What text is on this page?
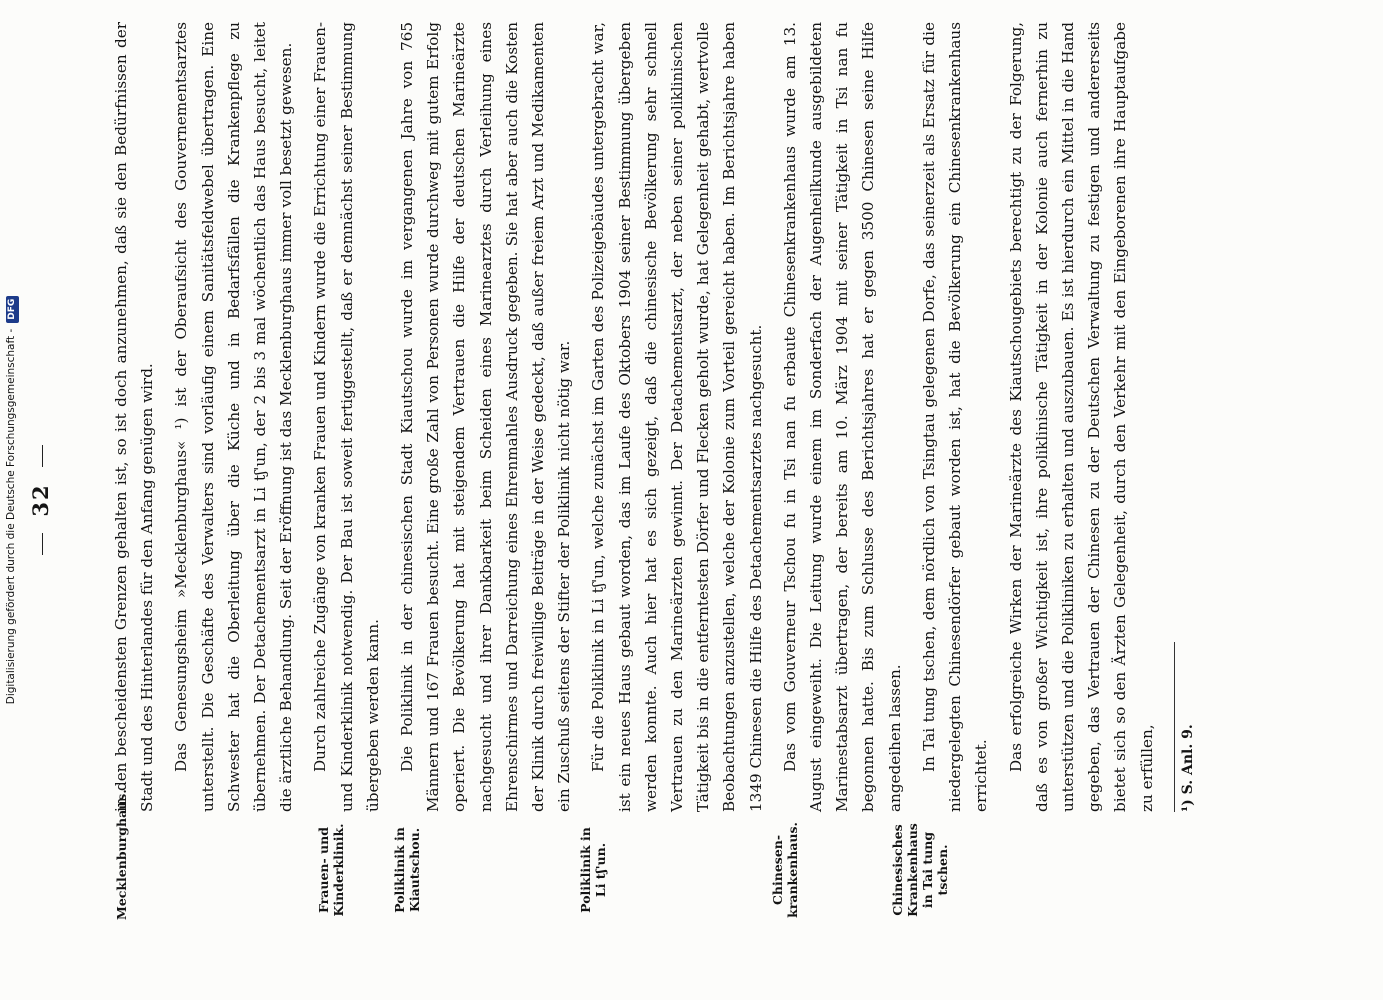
32
Mecklenburghaus.	Frauen- und Kinderklinik.	Poliklinik in Kiautschou.	Poliklinik in Li tʃ'un.	Chinesen-krankenhaus.	Chinesisches Krankenhaus in Tai tung tschen.

in den bescheidensten Grenzen gehalten ist, so ist doch anzunehmen, daß sie den Bedürfnissen der Stadt und des Hinterlandes für den Anfang genügen wird. Das Genesungsheim »Mecklenburghaus« ¹) ist der Oberaufsicht des Gouvernementsarztes unterstellt. Die Geschäfte des Verwalters sind vorläufig einem Sanitätsfeldwebel übertragen. Eine Schwester hat die Oberleitung über die Küche und in Bedarfsfällen die Krankenpflege zu übernehmen. Der Detachementsarzt in Li tʃ'un, der 2 bis 3 mal wöchentlich das Haus besucht, leitet die ärztliche Behandlung. Seit der Eröffnung ist das Mecklenburghaus immer voll besetzt gewesen. Durch zahlreiche Zugänge von kranken Frauen und Kindern wurde die Errichtung einer Frauen- und Kinderklinik notwendig. Der Bau ist soweit fertiggestellt, daß er demnächst seiner Bestimmung übergeben werden kann. Die Poliklinik in der chinesischen Stadt Kiautschou wurde im vergangenen Jahre von 765 Männern und 167 Frauen besucht. Eine große Zahl von Personen wurde durchweg mit gutem Erfolg operiert. Die Bevölkerung hat mit steigendem Vertrauen die Hilfe der deutschen Marineärzte nachgesucht und ihrer Dankbarkeit beim Scheiden eines Marinearztes durch Verleihung eines Ehrenschirmes und Darreichung eines Ehrenmahles Ausdruck gegeben. Sie hat aber auch die Kosten der Klinik durch freiwillige Beiträge in der Weise gedeckt, daß außer freiem Arzt und Medikamenten ein Zuschuß seitens der Stifter der Poliklinik nicht nötig war. Für die Poliklinik in Li tʃ'un, welche zunächst im Garten des Polizeigebäudes untergebracht war, ist ein neues Haus gebaut worden, das im Laufe des Oktobers 1904 seiner Bestimmung übergeben werden konnte. Auch hier hat es sich gezeigt, daß die chinesische Bevölkerung sehr schnell Vertrauen zu den Marineärzten gewinnt. Der Detachementsarzt, der neben seiner poliklinischen Tätigkeit bis in die entferntesten Dörfer und Flecken geholt wurde, hat Gelegenheit gehabt, wertvolle Beobachtungen anzustellen, welche der Kolonie zum Vorteil gereicht haben. Im Berichtsjahre haben 1349 Chinesen die Hilfe des Detachementsarztes nachgesucht. Das vom Gouverneur Tschou fu in Tsi nan fu erbaute Chinesenkrankenhaus wurde am 13. August eingeweiht. Die Leitung wurde einem im Sonderfach der Augenheilkunde ausgebildeten Marinestabsarzt übertragen, der bereits am 10. März 1904 mit seiner Tätigkeit in Tsi nan fu begonnen hatte. Bis zum Schlusse des Berichtsjahres hat er gegen 3500 Chinesen seine Hilfe angedeihen lassen. In Tai tung tschen, dem nördlich von Tsingtau gelegenen Dorfe, das seinerzeit als Ersatz für die niedergelegten Chinesendörfer gebaut worden ist, hat die Bevölkerung ein Chinesenkrankenhaus errichtet.

Das erfolgreiche Wirken der Marineärzte des Kiautschougebiets berechtigt zu der Folgerung, daß es von großer Wichtigkeit ist, ihre poliklinische Tätigkeit in der Kolonie auch fernerhin zu unterstützen und die Polikliniken zu erhalten und auszubauen. Es ist hierdurch ein Mittel in die Hand gegeben, das Vertrauen der Chinesen zu der Deutschen Verwaltung zu festigen und andererseits bietet sich so den Ärzten Gelegenheit, durch den Verkehr mit den Eingeborenen ihre Hauptaufgabe zu erfüllen,

Digitalisierung gefördert durch die Deutsche Forschungsgemeinschaft -DFG
¹) S. Anl. 9.
